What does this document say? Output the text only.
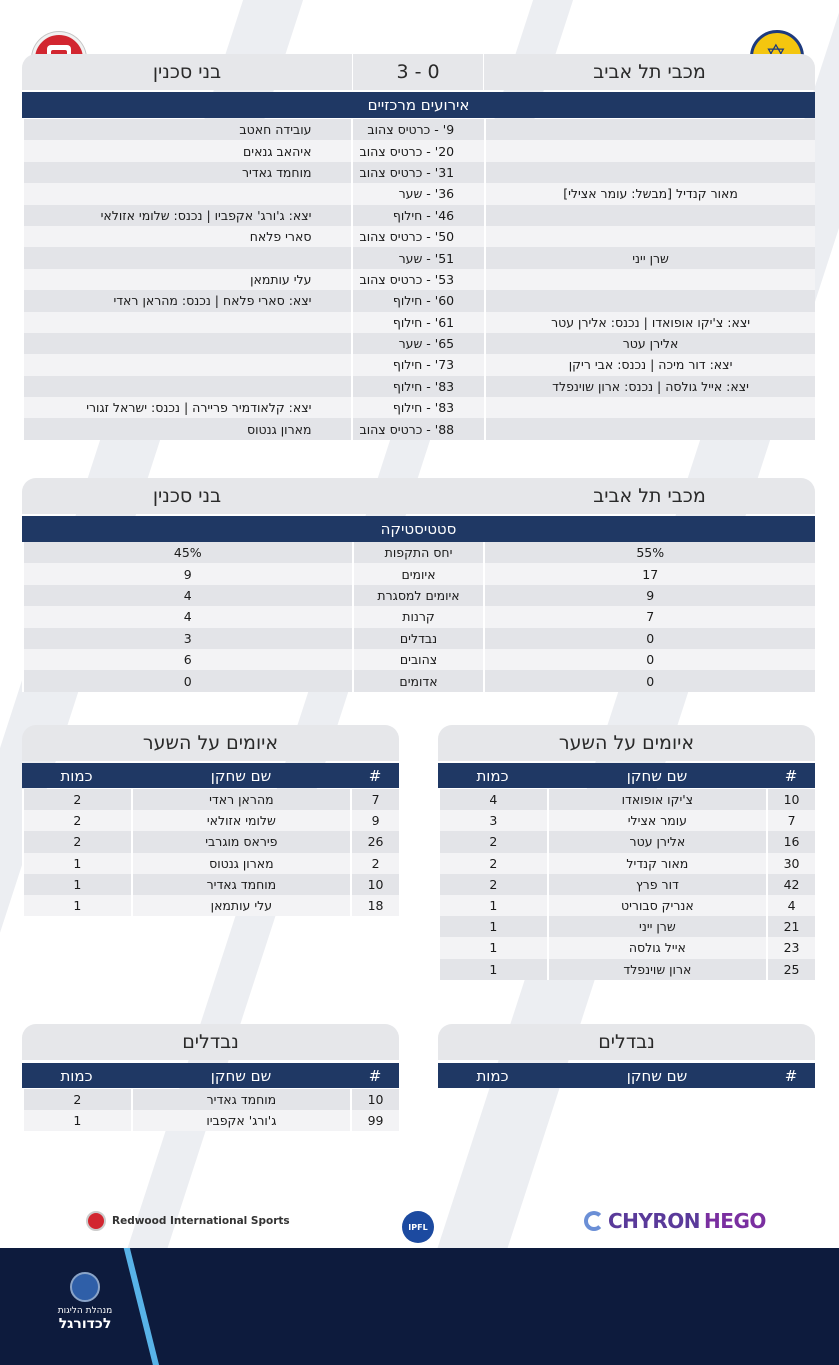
בני סכנין	3 - 0	מכבי תל אביב
אירועים מרכזיים
	9' - כרטיס צהוב	עובידה חאטב
	20' - כרטיס צהוב	איהאב גנאים
	31' - כרטיס צהוב	מוחמד גאדיר
מאור קנדיל [מבשל: עומר אצילי]	36' - שער	
	46' - חילוף	יצא: ג'ורג' אקפביו | נכנס: שלומי אזולאי
	50' - כרטיס צהוב	סארי פלאח
שרן ייני	51' - שער	
	53' - כרטיס צהוב	עלי עותמאן
	60' - חילוף	יצא: סארי פלאח | נכנס: מהראן ראדי
יצא: צ'יקו אופואדו | נכנס: אלירן עטר	61' - חילוף	
אלירן עטר	65' - שער	
יצא: דור מיכה | נכנס: אבי ריקן	73' - חילוף	
יצא: אייל גולסה | נכנס: ארון שוינפלד	83' - חילוף	
	83' - חילוף	יצא: קלאודמיר פריירה | נכנס: ישראל זגורי
	88' - כרטיס צהוב	מארון גנטוס
בני סכנין	מכבי תל אביב
סטטיסטיקה
55%	יחס התקפות	45%
17	איומים	9
9	איומים למסגרת	4
7	קרנות	4
0	נבדלים	3
0	צהובים	6
0	אדומים	0
איומים על השער
#
שם שחקן
כמות
7	מהראן ראדי	2
9	שלומי אזולאי	2
26	פיראס מוגרבי	2
2	מארון גנטוס	1
10	מוחמד גאדיר	1
18	עלי עותמאן	1
איומים על השער
#
שם שחקן
כמות
10	צ'יקו אופואדו	4
7	עומר אצילי	3
16	אלירן עטר	2
30	מאור קנדיל	2
42	דור פרץ	2
4	אנריק סבוריט	1
21	שרן ייני	1
23	אייל גולסה	1
25	ארון שוינפלד	1
נבדלים
#
שם שחקן
כמות
10	מוחמד גאדיר	2
99	ג'ורג' אקפביו	1
נבדלים
#
שם שחקן
כמות
Redwood International Sports	IPFL	CHYRON HEGO
מנהלת הליגות
לכדורגל
